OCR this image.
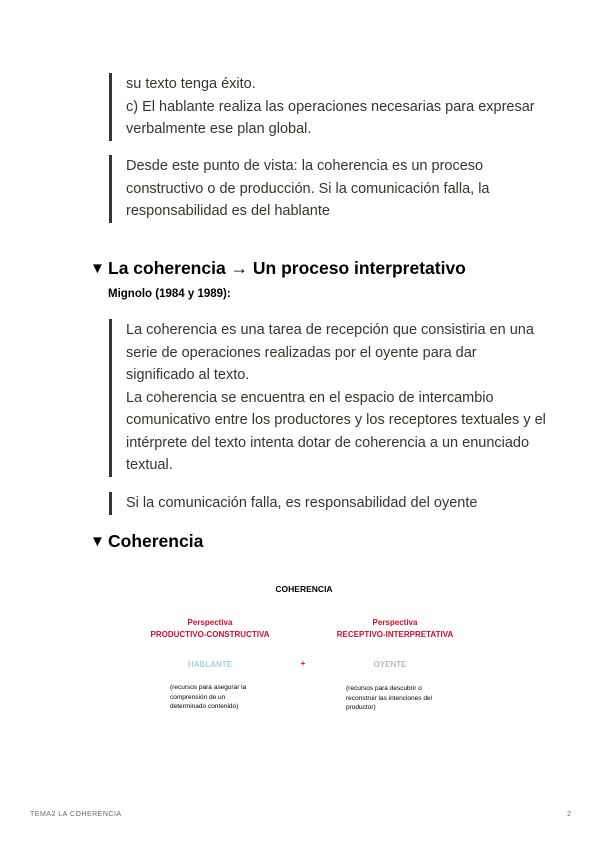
su texto tenga éxito.

c) El hablante realiza las operaciones necesarias para expresar verbalmente ese plan global.

Desde este punto de vista: la coherencia es un proceso constructivo o de producción. Si la comunicación falla, la responsabilidad es del hablante

▼ La coherencia → Un proceso interpretativo
Mignolo (1984 y 1989):

La coherencia es una tarea de recepción que consistiria en una serie de operaciones realizadas por el oyente para dar significado al texto.

La coherencia se encuentra en el espacio de intercambio comunicativo entre los productores y los receptores textuales y el intérprete del texto intenta dotar de coherencia a un enunciado textual.

Si la comunicación falla, es responsabilidad del oyente

▼ Coherencia
COHERENCIA
Perspectiva
PRODUCTIVO-CONSTRUCTIVA
Perspectiva
RECEPTIVO-INTERPRETATIVA
HABLANTE	+	OYENTE
(recursos para asegurar la comprensión de un determinado contenido)
(recursos para descubrir o reconstruir las intenciones del productor)
TEMA2 LA COHERENCIA	2
